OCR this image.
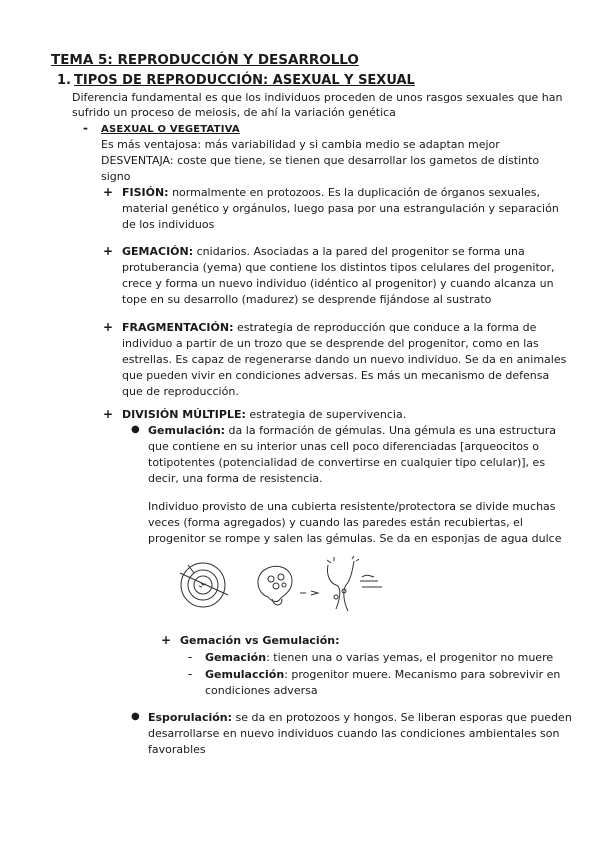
TEMA 5: REPRODUCCIÓN Y DESARROLLO
1. TIPOS DE REPRODUCCIÓN: ASEXUAL Y SEXUAL
Diferencia fundamental es que los individuos proceden de unos rasgos sexuales que han
sufrido un proceso de meiosis, de ahí la variación genética
- ASEXUAL O VEGETATIVA
Es más ventajosa: más variabilidad y si cambia medio se adaptan mejor
DESVENTAJA: coste que tiene, se tienen que desarrollar los gametos de distinto
signo
+ FISIÓN: normalmente en protozoos. Es la duplicación de órganos sexuales,
material genético y orgánulos, luego pasa por una estrangulación y separación
de los individuos
+ GEMACIÓN: cnidarios. Asociadas a la pared del progenitor se forma una
protuberancia (yema) que contiene los distintos tipos celulares del progenitor,
crece y forma un nuevo individuo (idéntico al progenitor) y cuando alcanza un
tope en su desarrollo (madurez) se desprende fijándose al sustrato
+ FRAGMENTACIÓN: estrategia de reproducción que conduce a la forma de
individuo a partir de un trozo que se desprende del progenitor, como en las
estrellas. Es capaz de regenerarse dando un nuevo individuo. Se da en animales
que pueden vivir en condiciones adversas. Es más un mecanismo de defensa
que de reproducción.
+ DIVISIÓN MÚLTIPLE: estrategia de supervivencia.
● Gemulación: da la formación de gémulas. Una gémula es una estructura
que contiene en su interior unas cell poco diferenciadas [arqueocitos o
totipotentes (potencialidad de convertirse en cualquier tipo celular)], es
decir, una forma de resistencia.
Individuo provisto de una cubierta resistente/protectora se divide muchas
veces (forma agregados) y cuando las paredes están recubiertas, el
progenitor se rompe y salen las gémulas. Se da en esponjas de agua dulce
+ Gemación vs Gemulación:
- Gemación: tienen una o varias yemas, el progenitor no muere
- Gemulacción: progenitor muere. Mecanismo para sobrevivir en
condiciones adversa
● Esporulación: se da en protozoos y hongos. Se liberan esporas que pueden
desarrollarse en nuevo individuos cuando las condiciones ambientales son
favorables
